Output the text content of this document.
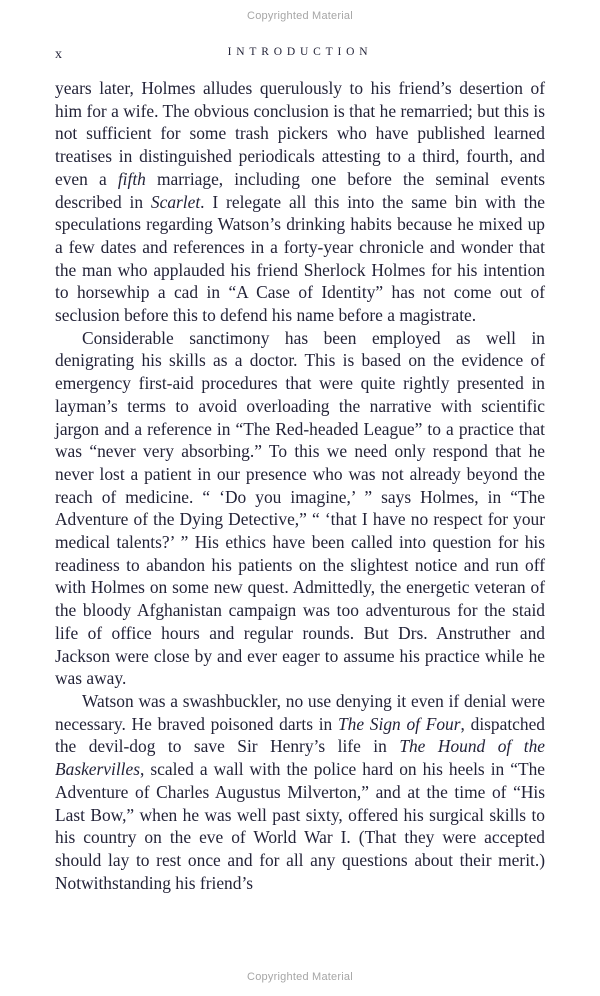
Copyrighted Material
x	INTRODUCTION

years later, Holmes alludes querulously to his friend’s desertion of him for a wife. The obvious conclusion is that he remarried; but this is not sufficient for some trash pickers who have published learned treatises in distinguished periodicals attesting to a third, fourth, and even a fifth marriage, including one before the seminal events described in Scarlet. I relegate all this into the same bin with the speculations regarding Watson’s drinking habits because he mixed up a few dates and references in a forty-year chronicle and wonder that the man who applauded his friend Sherlock Holmes for his intention to horsewhip a cad in “A Case of Identity” has not come out of seclusion before this to defend his name before a magistrate.

Considerable sanctimony has been employed as well in denigrating his skills as a doctor. This is based on the evidence of emergency first-aid procedures that were quite rightly presented in layman’s terms to avoid overloading the narrative with scientific jargon and a reference in “The Red-headed League” to a practice that was “never very absorbing.” To this we need only respond that he never lost a patient in our presence who was not already beyond the reach of medicine. “ ‘Do you imagine,’ ” says Holmes, in “The Adventure of the Dying Detective,” “ ‘that I have no respect for your medical talents?’ ” His ethics have been called into question for his readiness to abandon his patients on the slightest notice and run off with Holmes on some new quest. Admittedly, the energetic veteran of the bloody Afghanistan campaign was too adventurous for the staid life of office hours and regular rounds. But Drs. Anstruther and Jackson were close by and ever eager to assume his practice while he was away.

Watson was a swashbuckler, no use denying it even if denial were necessary. He braved poisoned darts in The Sign of Four, dispatched the devil-dog to save Sir Henry’s life in The Hound of the Baskervilles, scaled a wall with the police hard on his heels in “The Adventure of Charles Augustus Milverton,” and at the time of “His Last Bow,” when he was well past sixty, offered his surgical skills to his country on the eve of World War I. (That they were accepted should lay to rest once and for all any questions about their merit.) Notwithstanding his friend’s

Copyrighted Material
